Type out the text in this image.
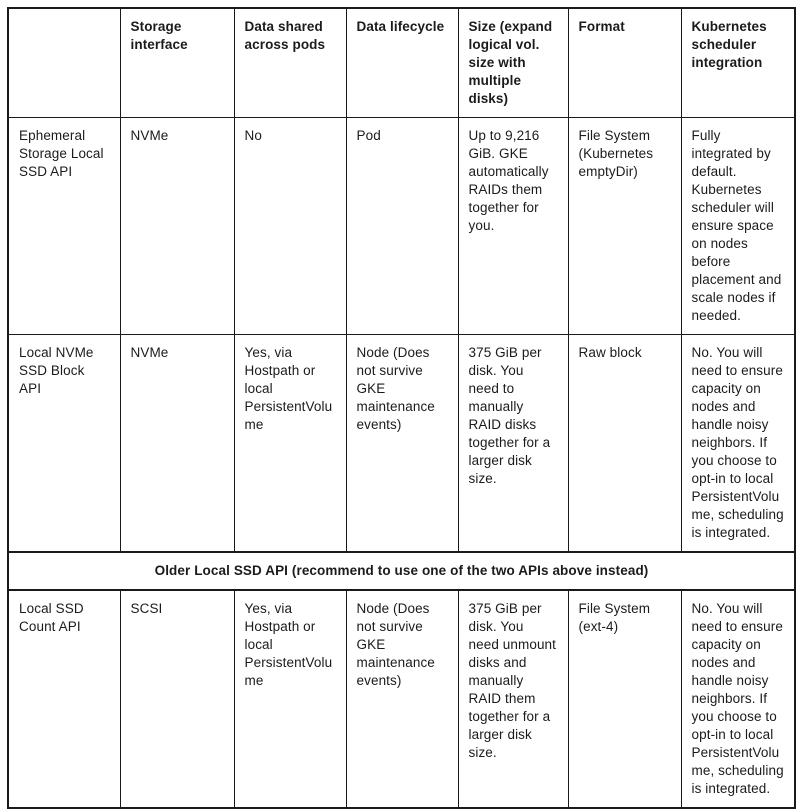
	Storage interface	Data shared across pods	Data lifecycle	Size (expand logical vol. size with multiple disks)	Format	Kubernetes scheduler integration
Ephemeral Storage Local SSD API	NVMe	No	Pod	Up to 9,216 GiB. GKE automatically RAIDs them together for you.	File System (Kubernetes emptyDir)	Fully integrated by default. Kubernetes scheduler will ensure space on nodes before placement and scale nodes if needed.
Local NVMe SSD Block API	NVMe	Yes, via Hostpath or local PersistentVolume	Node (Does not survive GKE maintenance events)	375 GiB per disk. You need to manually RAID disks together for a larger disk size.	Raw block	No. You will need to ensure capacity on nodes and handle noisy neighbors. If you choose to opt-in to local PersistentVolume, scheduling is integrated.
Older Local SSD API (recommend to use one of the two APIs above instead)						
Local SSD Count API	SCSI	Yes, via Hostpath or local PersistentVolume	Node (Does not survive GKE maintenance events)	375 GiB per disk. You need unmount disks and manually RAID them together for a larger disk size.	File System (ext-4)	No. You will need to ensure capacity on nodes and handle noisy neighbors. If you choose to opt-in to local PersistentVolume, scheduling is integrated.
